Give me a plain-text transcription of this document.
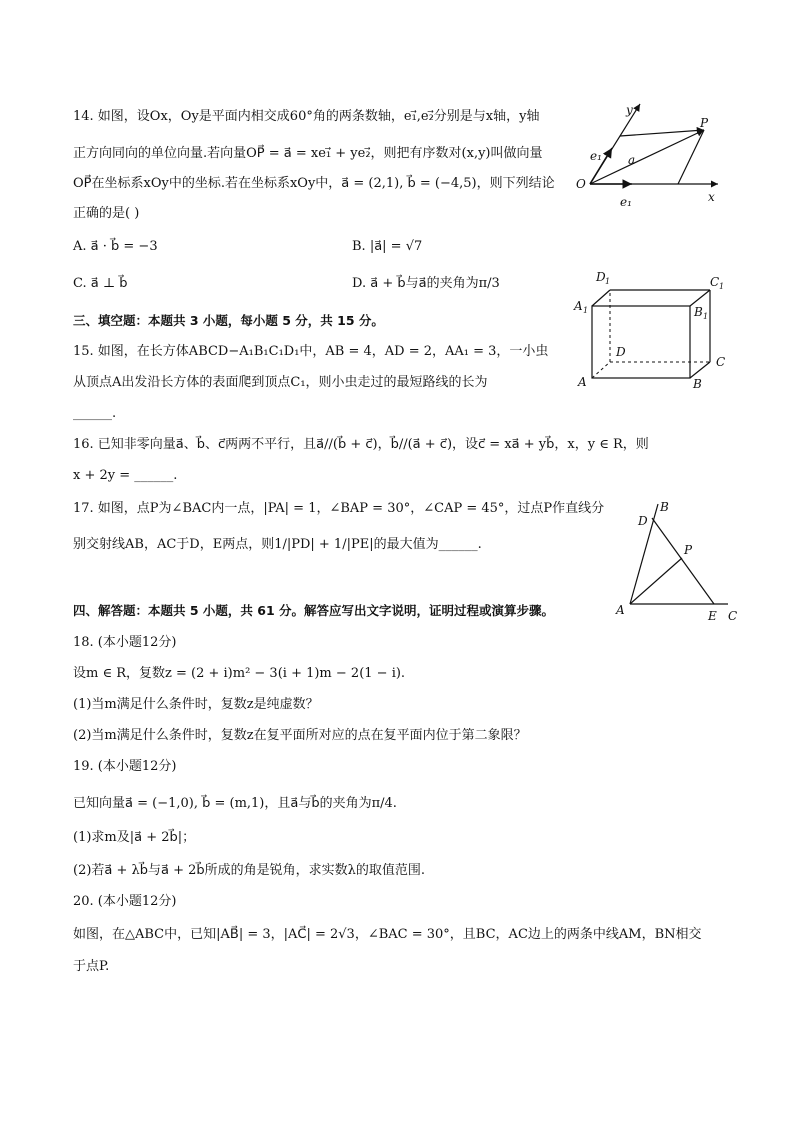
14. 如图，设Ox，Oy是平面内相交成60°角的两条数轴，e₁⃗,e₂⃗分别是与x轴，y轴
正方向同向的单位向量.若向量OP⃗ = a⃗ = xe₁⃗ + ye₂⃗，则把有序数对(x,y)叫做向量
OP⃗在坐标系xOy中的坐标.若在坐标系xOy中，a⃗ = (2,1), b⃗ = (−4,5)，则下列结论
正确的是( )
A. a⃗ · b⃗ = −3	B. |a⃗| = √7
C. a⃗ ⊥ b⃗	D. a⃗ + b⃗与a⃗的夹角为π/3
y
x
O
P
e₁
e₁ a
三、填空题：本题共 3 小题，每小题 5 分，共 15 分。
15. 如图，在长方体ABCD−A₁B₁C₁D₁中，AB = 4，AD = 2，AA₁ = 3，一小虫
从顶点A出发沿长方体的表面爬到顶点C₁，则小虫走过的最短路线的长为
______.
A	B
C
D
A 1	B 1
C 1
D 1
16. 已知非零向量a⃗、b⃗、c⃗两两不平行，且a⃗//(b⃗ + c⃗)，b⃗//(a⃗ + c⃗)，设c⃗ = xa⃗ + yb⃗，x，y ∈ R，则
x + 2y = ______.
17. 如图，点P为∠BAC内一点，|PA| = 1，∠BAP = 30°，∠CAP = 45°，过点P作直线分
别交射线AB，AC于D，E两点，则1/|PD| + 1/|PE|的最大值为______.
A
B
C
D
E
P
四、解答题：本题共 5 小题，共 61 分。解答应写出文字说明，证明过程或演算步骤。
18. (本小题12分)
设m ∈ R，复数z = (2 + i)m² − 3(i + 1)m − 2(1 − i).
(1)当m满足什么条件时，复数z是纯虚数？
(2)当m满足什么条件时，复数z在复平面所对应的点在复平面内位于第二象限？
19. (本小题12分)
已知向量a⃗ = (−1,0), b⃗ = (m,1)，且a⃗与b⃗的夹角为π/4.
(1)求m及|a⃗ + 2b⃗|；
(2)若a⃗ + λb⃗与a⃗ + 2b⃗所成的角是锐角，求实数λ的取值范围.
20. (本小题12分)
如图，在△ABC中，已知|AB⃗| = 3，|AC⃗| = 2√3，∠BAC = 30°，且BC，AC边上的两条中线AM，BN相交
于点P.
